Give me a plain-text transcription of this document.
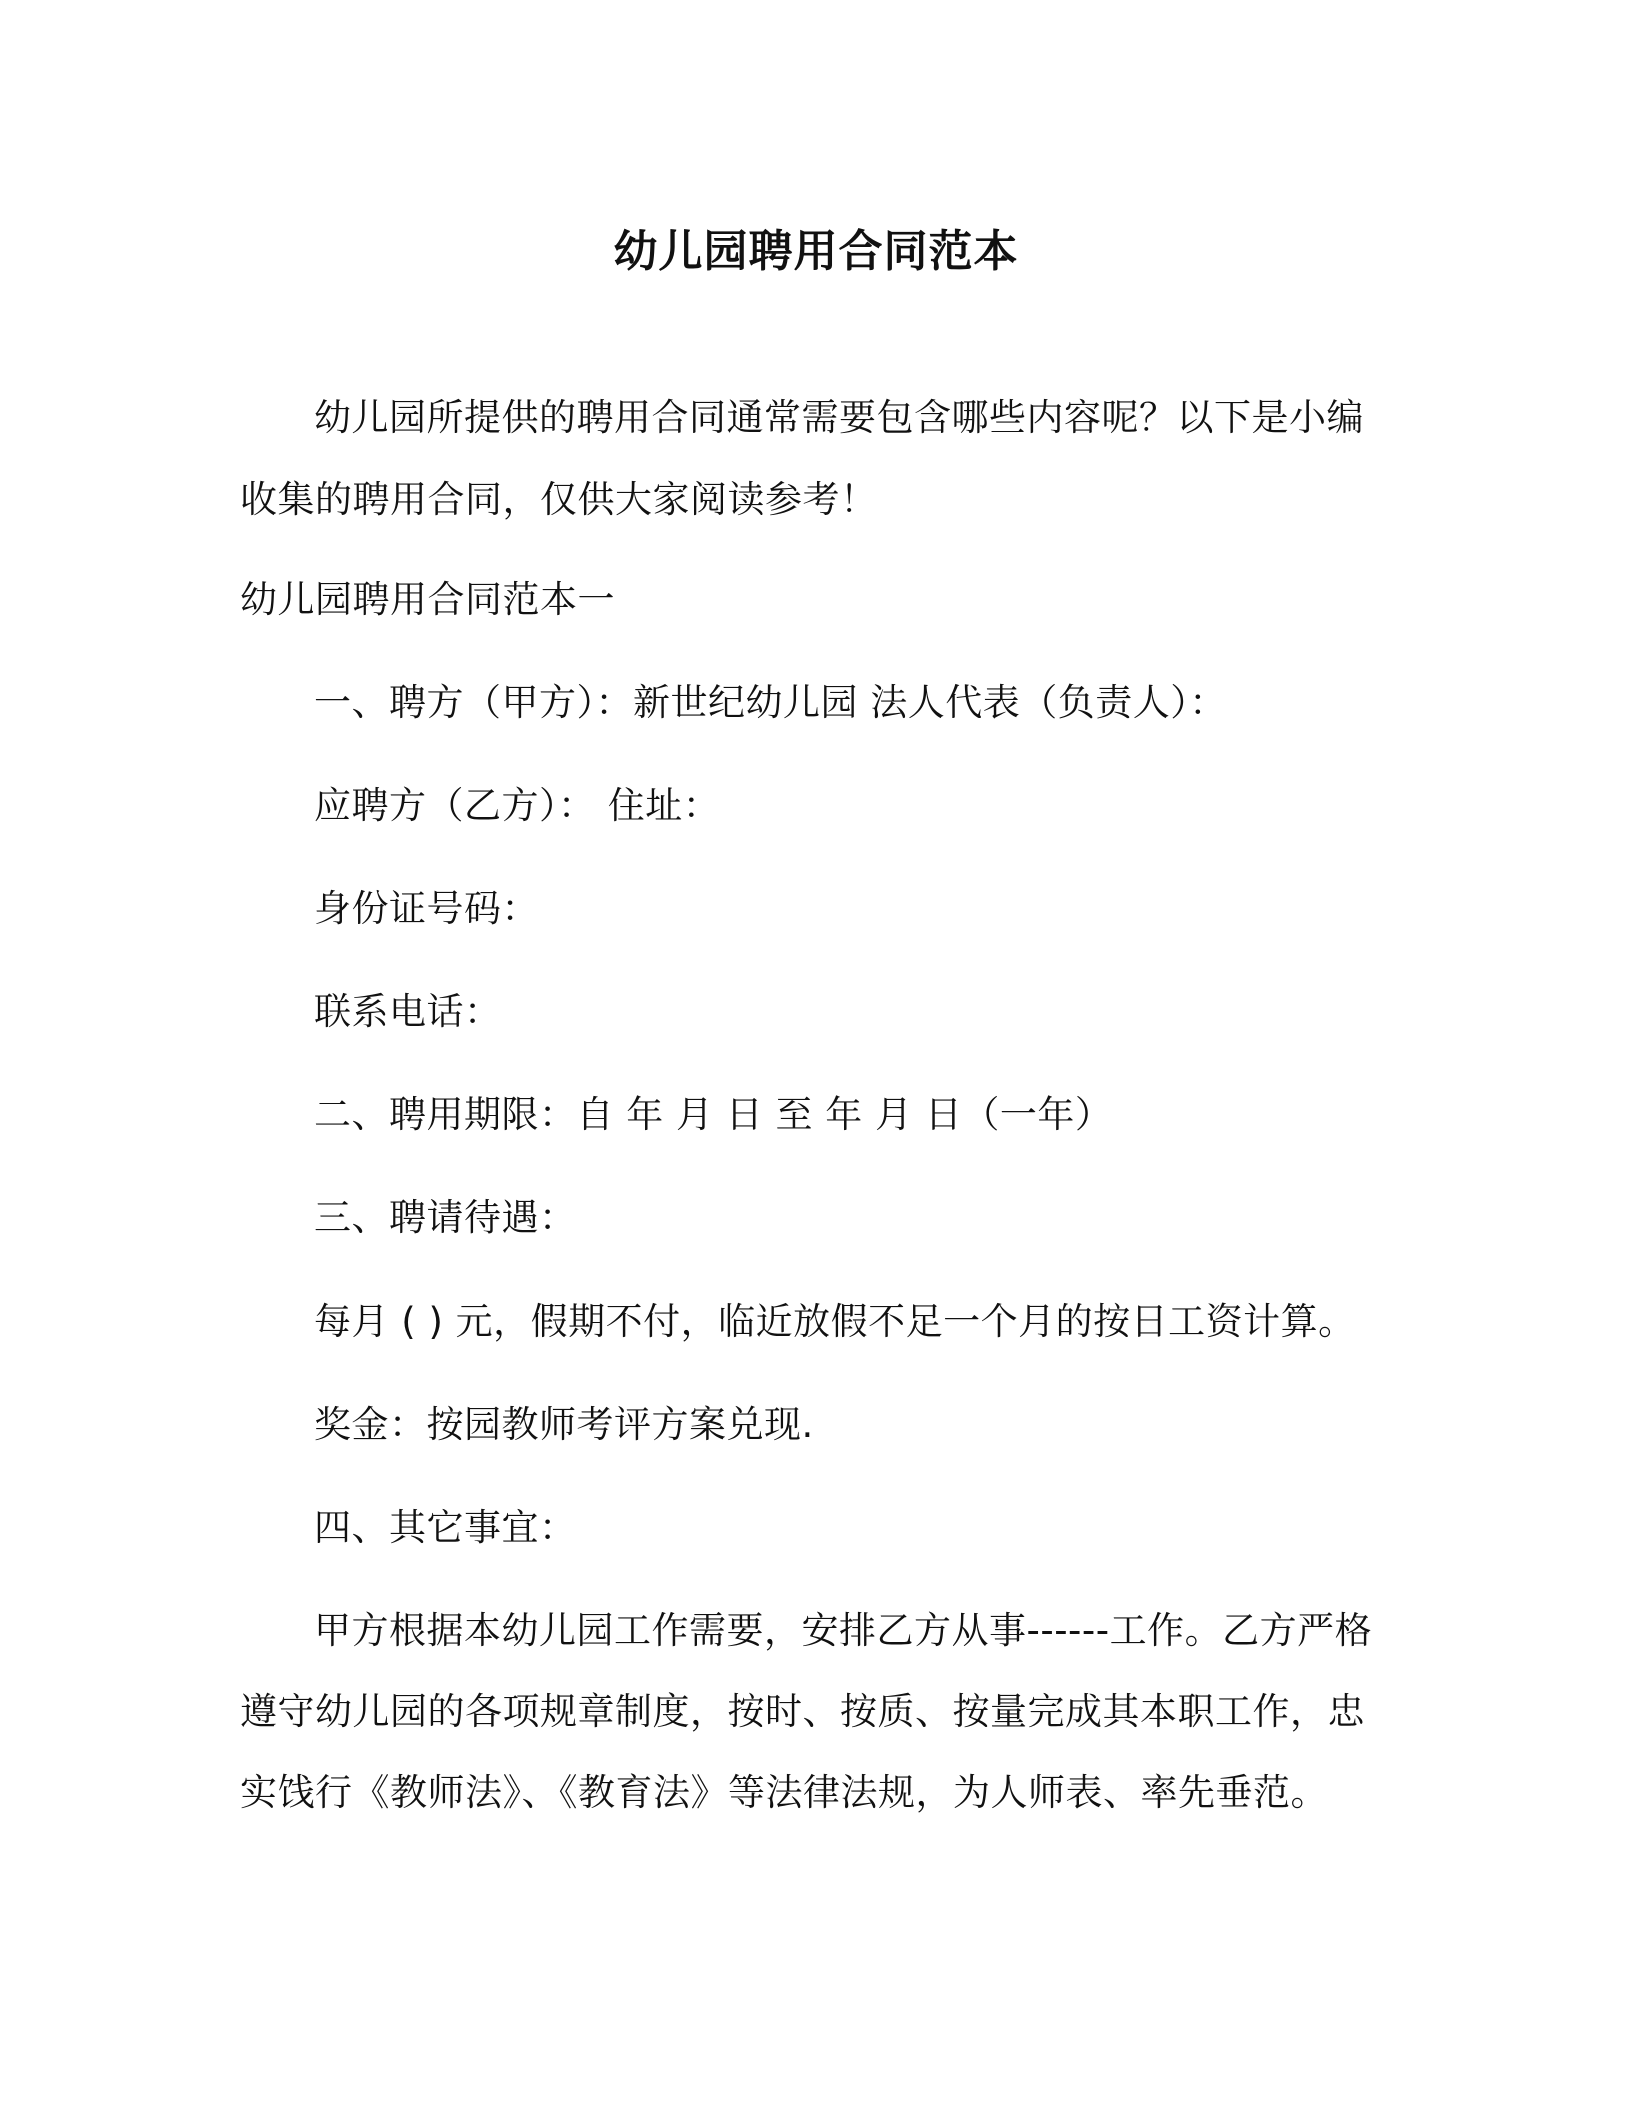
幼儿园聘用合同范本
幼儿园所提供的聘用合同通常需要包含哪些内容呢？以下是小编
收集的聘用合同，仅供大家阅读参考！
幼儿园聘用合同范本一
一、聘方（甲方）：新世纪幼儿园 法人代表（负责人）：
应聘方（乙方）： 住址：
身份证号码：
联系电话：
二、聘用期限：自 年 月 日 至 年 月 日（一年）
三、聘请待遇：
每月 ( ) 元，假期不付，临近放假不足一个月的按日工资计算。
奖金：按园教师考评方案兑现.
四、其它事宜：
甲方根据本幼儿园工作需要，安排乙方从事------工作。乙方严格
遵守幼儿园的各项规章制度，按时、按质、按量完成其本职工作，忠
实饯行《教师法》、《教育法》等法律法规，为人师表、率先垂范。
